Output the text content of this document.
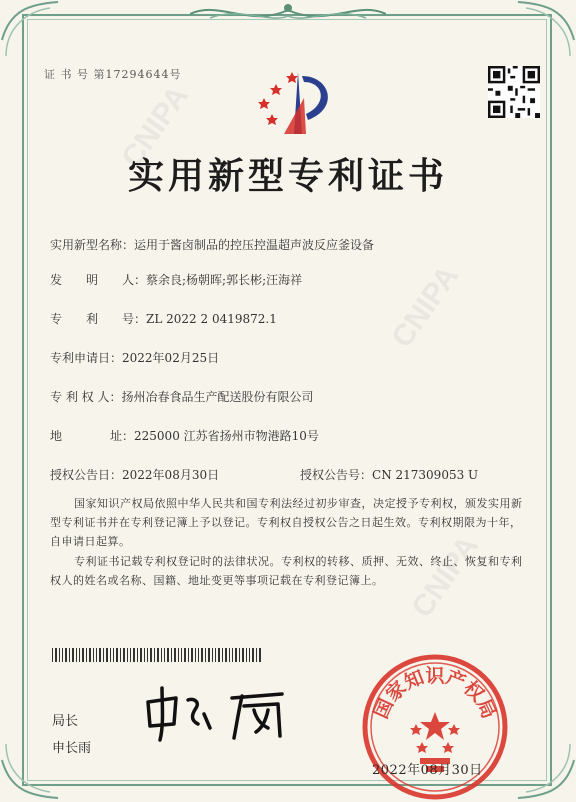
CNIPA
CNIPA
CNIPA
证 书 号 第17294644号
实用新型专利证书
实用新型名称：运用于酱卤制品的控压控温超声波反应釜设备
发　　明　　人：蔡余良;杨朝晖;郭长彬;汪海祥
专　　利　　号：ZL 2022 2 0419872.1
专利申请日：2022年02月25日
专 利 权 人：扬州冶春食品生产配送股份有限公司
地　　　　址：225000 江苏省扬州市物港路10号
授权公告日：2022年08月30日	授权公告号：CN 217309053 U
国家知识产权局依照中华人民共和国专利法经过初步审查，决定授予专利权，颁发实用新型专利证书并在专利登记簿上予以登记。专利权自授权公告之日起生效。专利权期限为十年，自申请日起算。
专利证书记载专利权登记时的法律状况。专利权的转移、质押、无效、终止、恢复和专利权人的姓名或名称、国籍、地址变更等事项记载在专利登记簿上。
局长
申长雨
国家知识产权局
2022年08月30日
